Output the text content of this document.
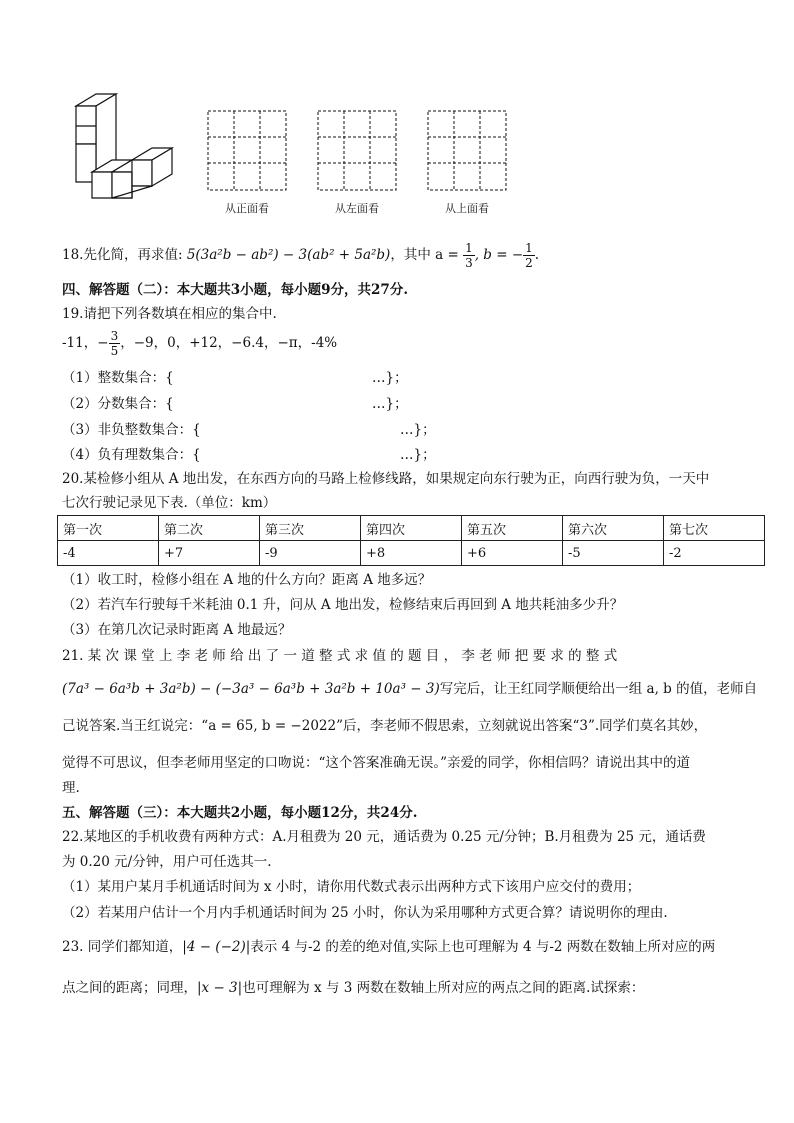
从正面看	从左面看	从上面看
18.先化简，再求值: 5(3a²b − ab²) − 3(ab² + 5a²b)，其中 $a = \frac{1}{3}$ , b = − $\frac{1}{2}$ .
四、解答题（二）：本大题共3小题，每小题9分，共27分.
19.请把下列各数填在相应的集合中.
-11，− $\frac{3}{5}$ ，−9，0，+12，−6.4，−π，-4%
（1）整数集合：{	…}；
（2）分数集合：{	…}；
（3）非负整数集合：{	…}；
（4）负有理数集合：{	…}；
20.某检修小组从 A 地出发，在东西方向的马路上检修线路，如果规定向东行驶为正，向西行驶为负，一天中
七次行驶记录见下表.（单位：km）
第一次	第二次	第三次	第四次	第五次	第六次	第七次
-4	+7	-9	+8	+6	-5	-2
（1）收工时，检修小组在 A 地的什么方向？距离 A 地多远？
（2）若汽车行驶每千米耗油 0.1 升，问从 A 地出发，检修结束后再回到 A 地共耗油多少升？
（3）在第几次记录时距离 A 地最远？
21. 某 次 课 堂 上 李 老 师 给 出 了 一 道 整 式 求 值 的 题 目 ， 李 老 师 把 要 求 的 整 式
(7a³ − 6a³b + 3a²b) − (−3a³ − 6a³b + 3a²b + 10a³ − 3)写完后，让王红同学顺便给出一组 a, b 的值，老师自
己说答案.当王红说完：“a = 65, b = −2022”后，李老师不假思索，立刻就说出答案“3”.同学们莫名其妙，
觉得不可思议，但李老师用坚定的口吻说：“这个答案准确无误。”亲爱的同学，你相信吗？请说出其中的道
理.
五、解答题（三）：本大题共2小题，每小题12分，共24分.
22.某地区的手机收费有两种方式：A.月租费为 20 元，通话费为 0.25 元/分钟；B.月租费为 25 元，通话费
为 0.20 元/分钟，用户可任选其一.
（1）某用户某月手机通话时间为 x 小时，请你用代数式表示出两种方式下该用户应交付的费用；
（2）若某用户估计一个月内手机通话时间为 25 小时，你认为采用哪种方式更合算？请说明你的理由.
23. 同学们都知道，|4 − (−2)|表示 4 与-2 的差的绝对值,实际上也可理解为 4 与-2 两数在数轴上所对应的两
点之间的距离；同理，|x − 3|也可理解为 x 与 3 两数在数轴上所对应的两点之间的距离.试探索：
